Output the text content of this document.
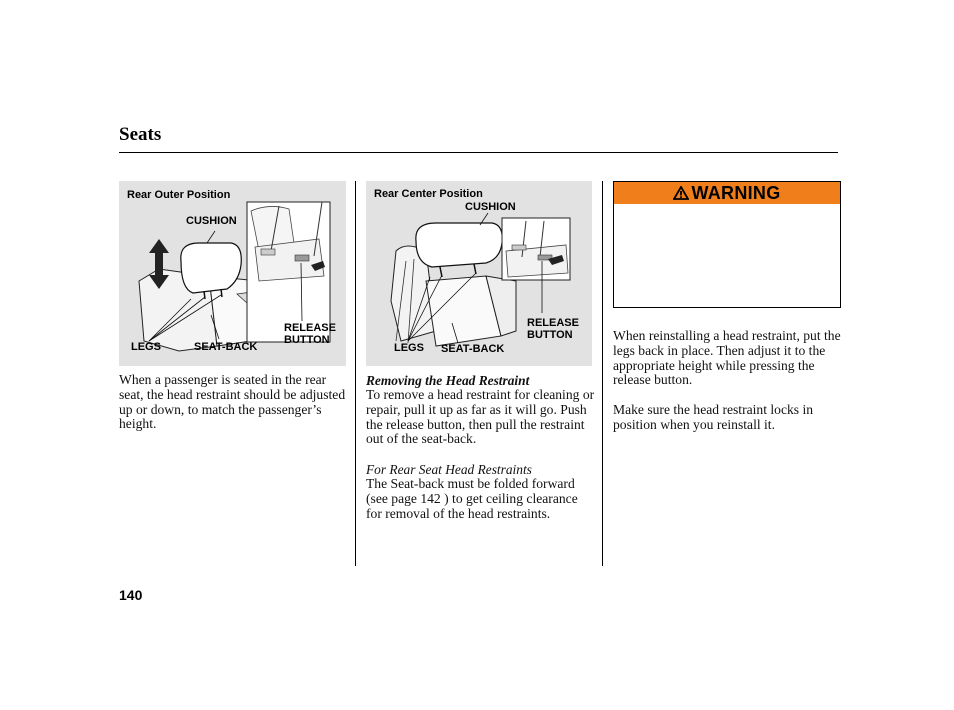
Seats
Rear Outer Position
CUSHION
LEGS	SEAT-BACK
RELEASE
BUTTON
Rear Center Position
CUSHION
LEGS SEAT-BACK
RELEASE
BUTTON
WARNING

When a passenger is seated in the rear seat, the head restraint should be adjusted up or down, to match the passenger’s height.

Removing the Head Restraint

To remove a head restraint for cleaning or repair, pull it up as far as it will go. Push the release button, then pull the restraint out of the seat-back.

For Rear Seat Head Restraints

The Seat-back must be folded forward (see page 142 ) to get ceiling clearance for removal of the head restraints.

When reinstalling a head restraint, put the legs back in place. Then adjust it to the appropriate height while pressing the release button.

Make sure the head restraint locks in position when you reinstall it.

140
